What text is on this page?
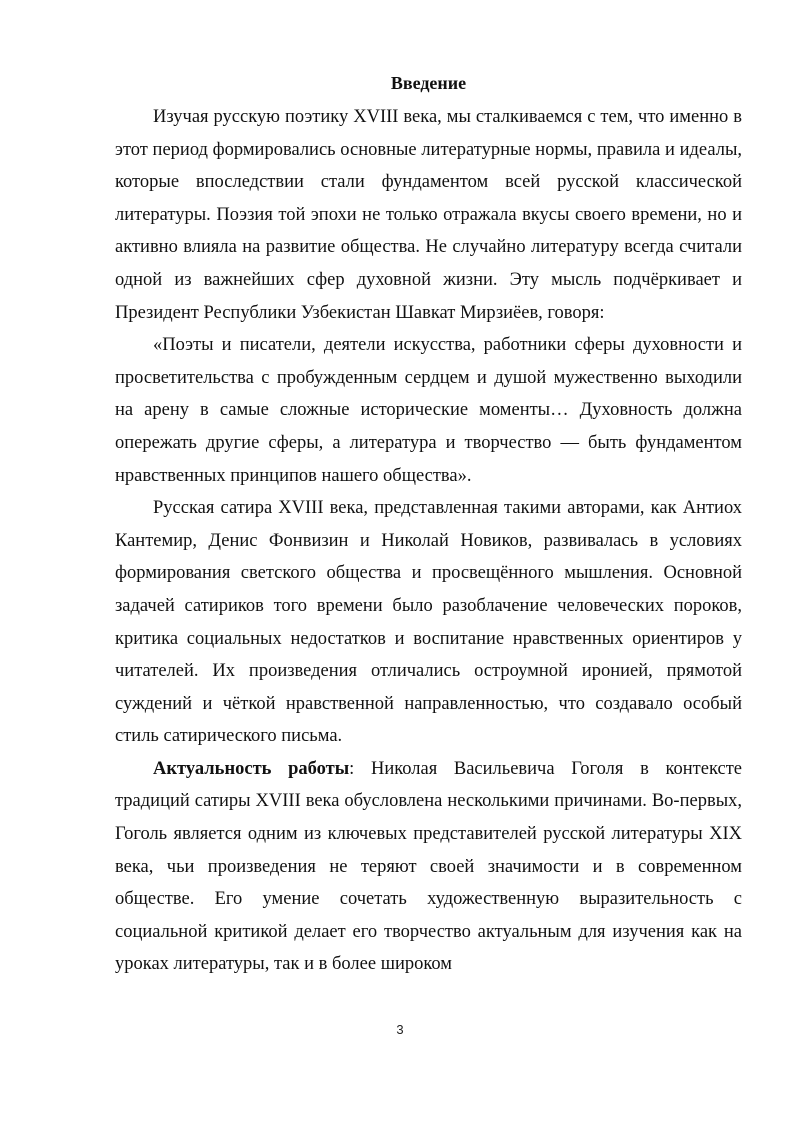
Введение

Изучая русскую поэтику XVIII века, мы сталкиваемся с тем, что именно в этот период формировались основные литературные нормы, правила и идеалы, которые впоследствии стали фундаментом всей русской классической литературы. Поэзия той эпохи не только отражала вкусы своего времени, но и активно влияла на развитие общества. Не случайно литературу всегда считали одной из важнейших сфер духовной жизни. Эту мысль подчёркивает и Президент Республики Узбекистан Шавкат Мирзиёев, говоря:

«Поэты и писатели, деятели искусства, работники сферы духовности и просветительства с пробужденным сердцем и душой мужественно выходили на арену в самые сложные исторические моменты… Духовность должна опережать другие сферы, а литература и творчество — быть фундаментом нравственных принципов нашего общества».

Русская сатира XVIII века, представленная такими авторами, как Антиох Кантемир, Денис Фонвизин и Николай Новиков, развивалась в условиях формирования светского общества и просвещённого мышления. Основной задачей сатириков того времени было разоблачение человеческих пороков, критика социальных недостатков и воспитание нравственных ориентиров у читателей. Их произведения отличались остроумной иронией, прямотой суждений и чёткой нравственной направленностью, что создавало особый стиль сатирического письма.

Актуальность работы: Николая Васильевича Гоголя в контексте традиций сатиры XVIII века обусловлена несколькими причинами. Во-первых, Гоголь является одним из ключевых представителей русской литературы XIX века, чьи произведения не теряют своей значимости и в современном обществе. Его умение сочетать художественную выразительность с социальной критикой делает его творчество актуальным для изучения как на уроках литературы, так и в более широком

3
